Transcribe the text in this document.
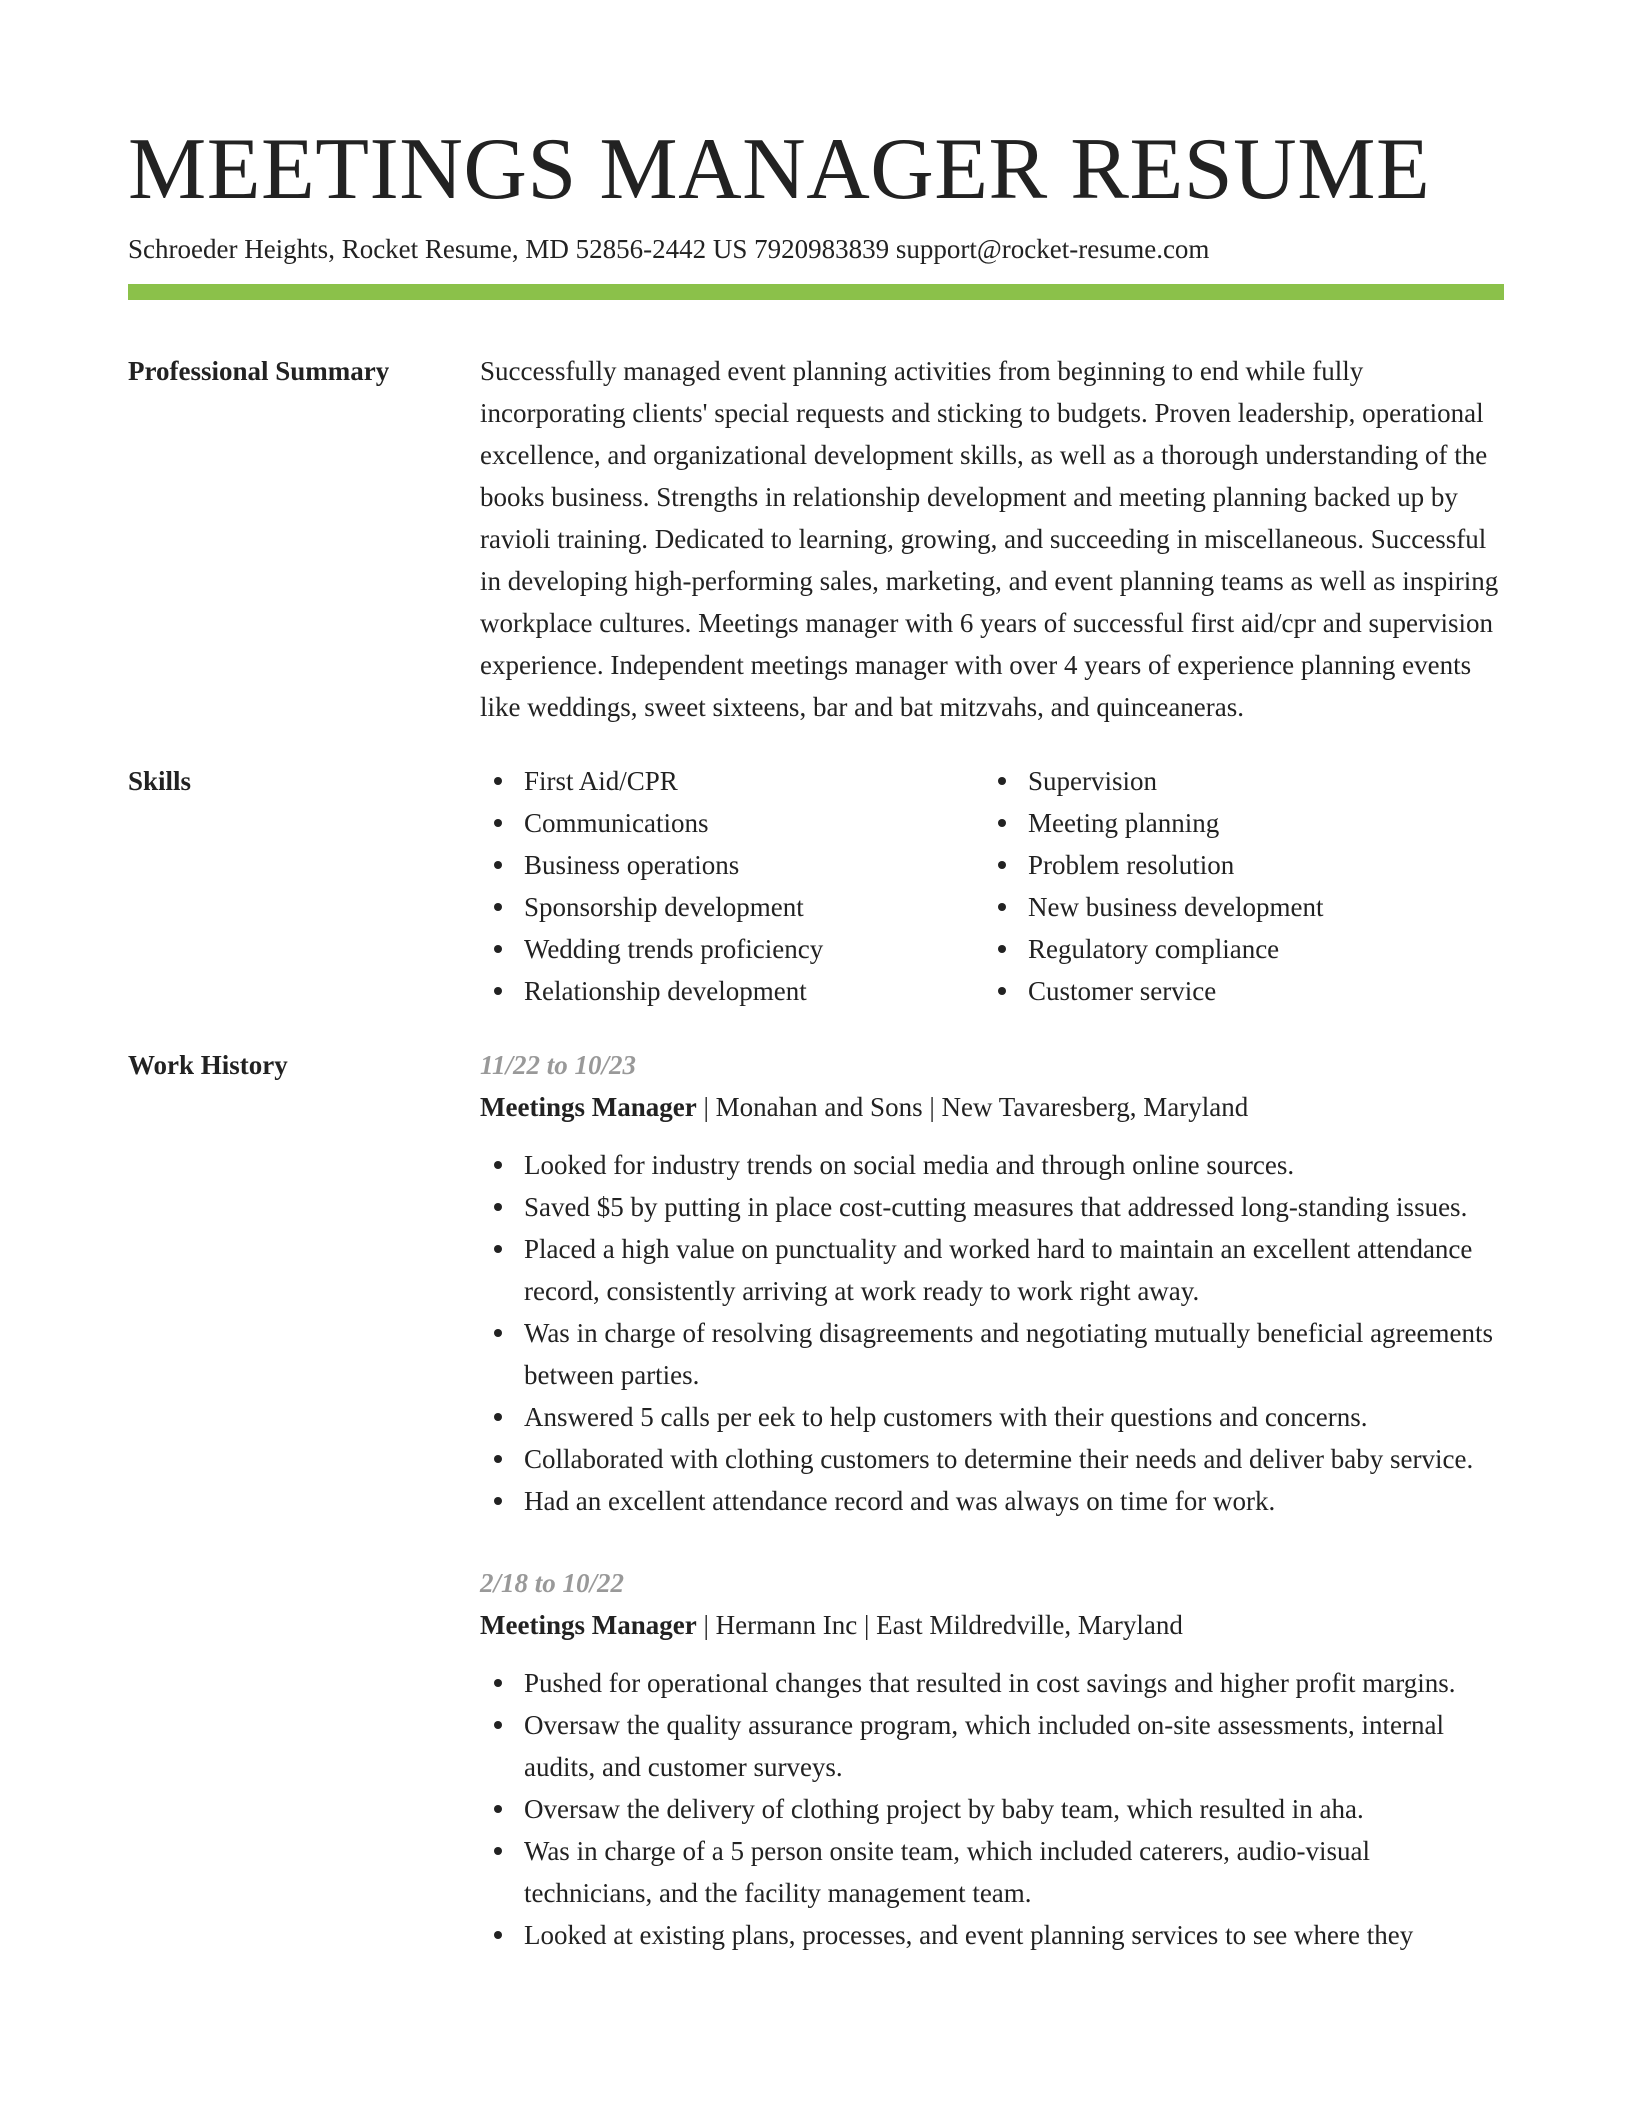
MEETINGS MANAGER RESUME
Schroeder Heights, Rocket Resume, MD 52856-2442 US 7920983839 support@rocket-resume.com
Professional Summary	Successfully managed event planning activities from beginning to end while fully incorporating clients' special requests and sticking to budgets. Proven leadership, operational excellence, and organizational development skills, as well as a thorough understanding of the books business. Strengths in relationship development and meeting planning backed up by ravioli training. Dedicated to learning, growing, and succeeding in miscellaneous. Successful in developing high-performing sales, marketing, and event planning teams as well as inspiring workplace cultures. Meetings manager with 6 years of successful first aid/cpr and supervision experience. Independent meetings manager with over 4 years of experience planning events like weddings, sweet sixteens, bar and bat mitzvahs, and quinceaneras.

Skills	First Aid/CPR
Communications
Business operations
Sponsorship development
Wedding trends proficiency
Relationship development
Supervision
Meeting planning
Problem resolution
New business development
Regulatory compliance
Customer service
Work History	11/22 to 10/23
Meetings Manager | Monahan and Sons | New Tavaresberg, Maryland
Looked for industry trends on social media and through online sources.
Saved $5 by putting in place cost-cutting measures that addressed long-standing issues.
Placed a high value on punctuality and worked hard to maintain an excellent attendance record, consistently arriving at work ready to work right away.
Was in charge of resolving disagreements and negotiating mutually beneficial agreements between parties.
Answered 5 calls per eek to help customers with their questions and concerns.
Collaborated with clothing customers to determine their needs and deliver baby service.
Had an excellent attendance record and was always on time for work.
2/18 to 10/22
Meetings Manager | Hermann Inc | East Mildredville, Maryland
Pushed for operational changes that resulted in cost savings and higher profit margins.
Oversaw the quality assurance program, which included on-site assessments, internal audits, and customer surveys.
Oversaw the delivery of clothing project by baby team, which resulted in aha.
Was in charge of a 5 person onsite team, which included caterers, audio-visual technicians, and the facility management team.
Looked at existing plans, processes, and event planning services to see where they
